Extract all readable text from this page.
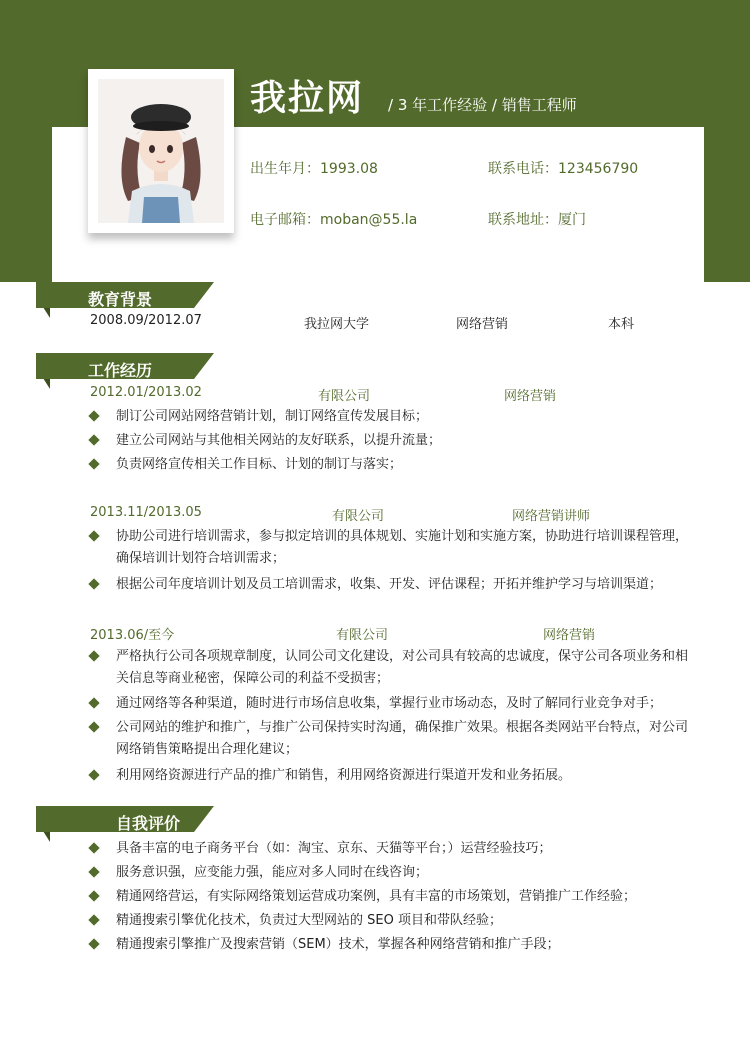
我拉网 / 3 年工作经验 / 销售工程师
出生年月：1993.08	联系电话：123456790
电子邮箱：moban@55.la	联系地址：厦门
教育背景
2008.09/2012.07	我拉网大学	网络营销	本科
工作经历
2012.01/2013.02	有限公司	网络营销
制订公司网站网络营销计划，制订网络宣传发展目标；
建立公司网站与其他相关网站的友好联系，以提升流量；
负责网络宣传相关工作目标、计划的制订与落实；
2013.11/2013.05	有限公司	网络营销讲师
协助公司进行培训需求，参与拟定培训的具体规划、实施计划和实施方案，协助进行培训课程管理，确保培训计划符合培训需求；
根据公司年度培训计划及员工培训需求，收集、开发、评估课程；开拓并维护学习与培训渠道；
2013.06/至今	有限公司	网络营销
严格执行公司各项规章制度，认同公司文化建设，对公司具有较高的忠诚度，保守公司各项业务和相关信息等商业秘密，保障公司的利益不受损害；
通过网络等各种渠道，随时进行市场信息收集，掌握行业市场动态，及时了解同行业竞争对手；
公司网站的维护和推广，与推广公司保持实时沟通，确保推广效果。根据各类网站平台特点，对公司网络销售策略提出合理化建议；
利用网络资源进行产品的推广和销售，利用网络资源进行渠道开发和业务拓展。
自我评价
具备丰富的电子商务平台（如：淘宝、京东、天猫等平台；）运营经验技巧；
服务意识强，应变能力强，能应对多人同时在线咨询；
精通网络营运，有实际网络策划运营成功案例，具有丰富的市场策划，营销推广工作经验；
精通搜索引擎优化技术，负责过大型网站的 SEO 项目和带队经验；
精通搜索引擎推广及搜索营销（SEM）技术，掌握各种网络营销和推广手段；
